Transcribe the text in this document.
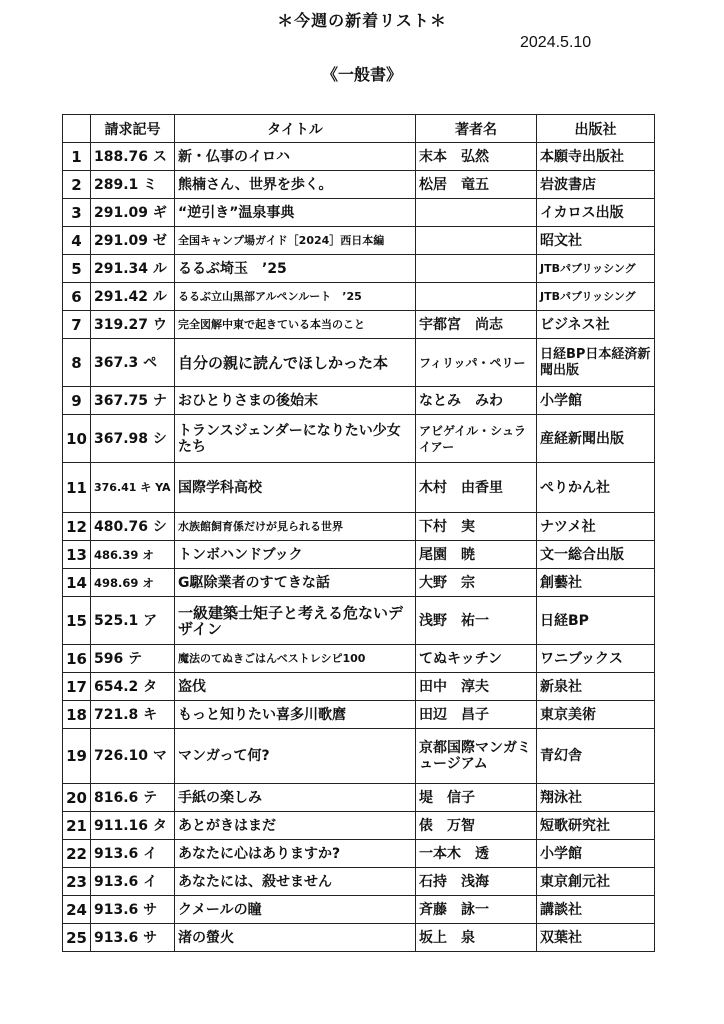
＊今週の新着リスト＊
2024.5.10
《一般書》
	請求記号	タイトル	著者名	出版社
1	188.76 ス	新・仏事のイロハ	末本　弘然	本願寺出版社
2	289.1 ミ	熊楠さん、世界を歩く。	松居　竜五	岩波書店
3	291.09 ギ	“逆引き”温泉事典		イカロス出版
4	291.09 ゼ	全国キャンプ場ガイド［2024］西日本編		昭文社
5	291.34 ル	るるぶ埼玉　’25		JTBパブリッシング
6	291.42 ル	るるぶ立山黒部アルペンルート　’25		JTBパブリッシング
7	319.27 ウ	完全図解中東で起きている本当のこと	宇都宮　尚志	ビジネス社
8	367.3 ペ	自分の親に読んでほしかった本	フィリッパ・ペリー	日経BP日本経済新聞出版
9	367.75 ナ	おひとりさまの後始末	なとみ　みわ	小学館
10	367.98 シ	トランスジェンダーになりたい少女たち	アビゲイル・シュライアー	産経新聞出版
11	376.41 キ YA	国際学科高校	木村　由香里	ぺりかん社
12	480.76 シ	水族館飼育係だけが見られる世界	下村　実	ナツメ社
13	486.39 オ	トンボハンドブック	尾園　暁	文一総合出版
14	498.69 オ	G駆除業者のすてきな話	大野　宗	創藝社
15	525.1 ア	一級建築士矩子と考える危ないデザイン	浅野　祐一	日経BP
16	596 テ	魔法のてぬきごはんベストレシピ100	てぬキッチン	ワニブックス
17	654.2 タ	盗伐	田中　淳夫	新泉社
18	721.8 キ	もっと知りたい喜多川歌麿	田辺　昌子	東京美術
19	726.10 マ	マンガって何?	京都国際マンガミュージアム	青幻舎
20	816.6 テ	手紙の楽しみ	堤　信子	翔泳社
21	911.16 タ	あとがきはまだ	俵　万智	短歌研究社
22	913.6 イ	あなたに心はありますか?	一本木　透	小学館
23	913.6 イ	あなたには、殺せません	石持　浅海	東京創元社
24	913.6 サ	クメールの瞳	斉藤　詠一	講談社
25	913.6 サ	渚の螢火	坂上　泉	双葉社
